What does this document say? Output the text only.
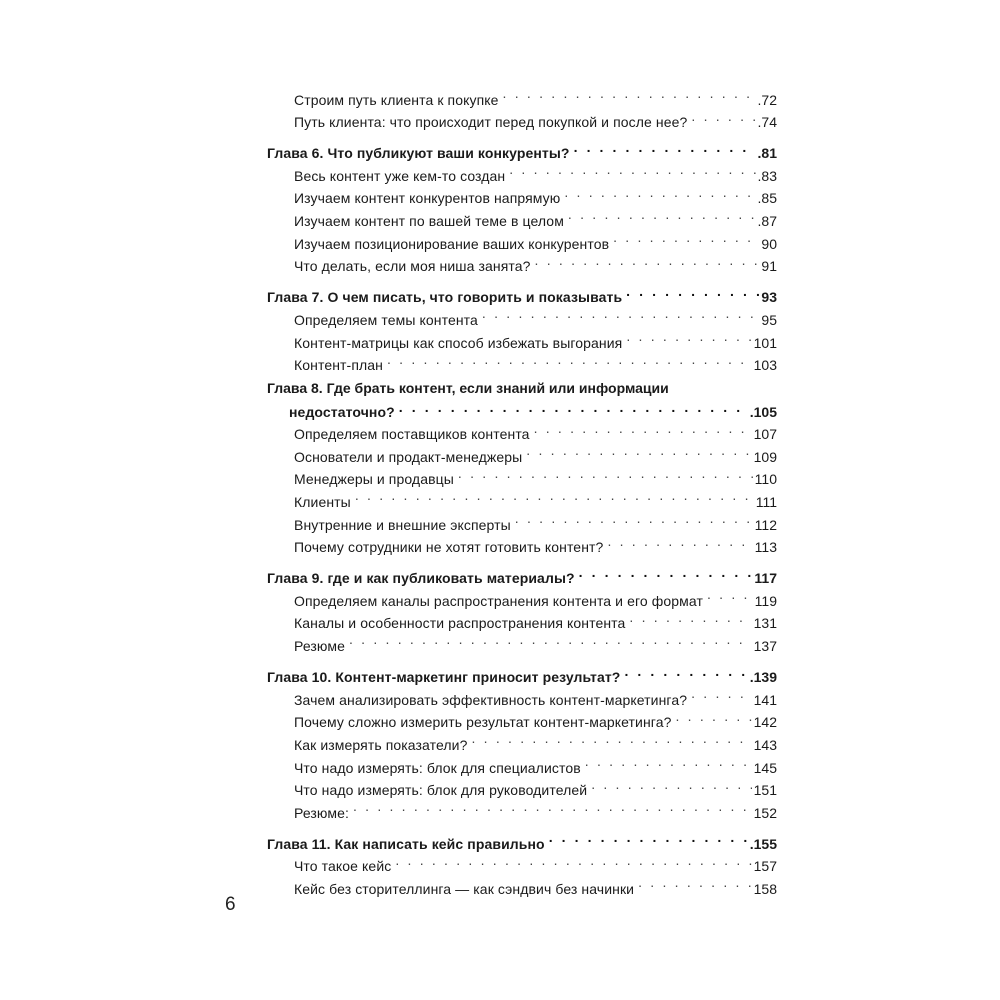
Строим путь клиента к покупке . . .	.72
Путь клиента: что происходит перед покупкой и после нее? . . .	.74
Глава 6. Что публикуют ваши конкуренты? . . .	.81
Весь контент уже кем-то создан . . .	.83
Изучаем контент конкурентов напрямую . . .	.85
Изучаем контент по вашей теме в целом . . .	.87
Изучаем позиционирование ваших конкурентов . . .	90
Что делать, если моя ниша занята? . . .	91
Глава 7. О чем писать, что говорить и показывать . . .	93
Определяем темы контента . . .	95
Контент-матрицы как способ избежать выгорания . . .	101
Контент-план . . .	103
Глава 8. Где брать контент, если знаний или информации
недостаточно? . . .	.105
Определяем поставщиков контента . . .	107
Основатели и продакт-менеджеры . . .	109
Менеджеры и продавцы . . .	110
Клиенты . . .	111
Внутренние и внешние эксперты . . .	112
Почему сотрудники не хотят готовить контент? . . .	113
Глава 9. где и как публиковать материалы? . . .	117
Определяем каналы распространения контента и его формат . . .	119
Каналы и особенности распространения контента . . .	131
Резюме . . .	137
Глава 10. Контент-маркетинг приносит результат? . . .	.139
Зачем анализировать эффективность контент-маркетинга? . . .	141
Почему сложно измерить результат контент-маркетинга? . . .	142
Как измерять показатели? . . .	143
Что надо измерять: блок для специалистов . . .	145
Что надо измерять: блок для руководителей . . .	151
Резюме: . . .	152
Глава 11. Как написать кейс правильно . . .	.155
Что такое кейс . . .	157
Кейс без сторителлинга — как сэндвич без начинки . . .	158
6
